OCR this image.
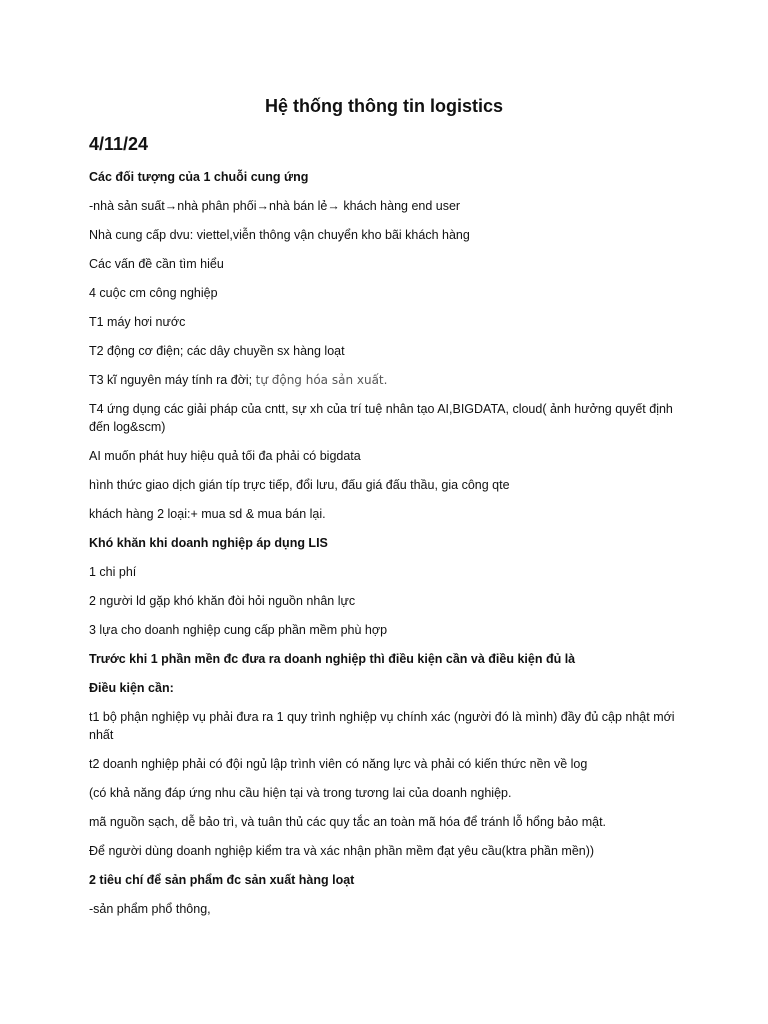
Hệ thống thông tin logistics
4/11/24
Các đối tượng của 1 chuỗi cung ứng
-nhà sản suất→nhà phân phối→nhà bán lẻ→ khách hàng end user
Nhà cung cấp dvu: viettel,viễn thông vận chuyển kho bãi khách hàng
Các vấn đề cần tìm hiểu
4 cuộc cm công nghiệp
T1 máy hơi nước
T2 động cơ điện; các dây chuyền sx hàng loạt
T3 kĩ nguyên máy tính ra đời; tự động hóa sản xuất.
T4 ứng dụng các giải pháp của cntt, sự xh của trí tuệ nhân tạo AI,BIGDATA, cloud( ảnh hưởng quyết định đến log&scm)
AI muốn phát huy hiệu quả tối đa phải có bigdata
hình thức giao dịch gián típ trực tiếp, đổi lưu, đấu giá đấu thầu, gia công qte
khách hàng 2 loại:+ mua sd & mua bán lại.
Khó khăn khi doanh nghiệp áp dụng LIS
1 chi phí
2 người ld gặp khó khăn đòi hỏi nguồn nhân lực
3 lựa cho doanh nghiệp cung cấp phần mềm phù hợp
Trước khi 1 phần mền đc đưa ra doanh nghiệp thì điều kiện cần và điều kiện đủ là
Điều kiện cần:
t1 bộ phận nghiệp vụ phải đưa ra 1 quy trình nghiệp vụ chính xác (người đó là mình) đầy đủ cập nhật mới nhất
t2 doanh nghiệp phải có đội ngủ lập trình viên có năng lực và phải có kiến thức nền về log
(có khả năng đáp ứng nhu cầu hiện tại và trong tương lai của doanh nghiệp.
mã nguồn sạch, dễ bảo trì, và tuân thủ các quy tắc an toàn mã hóa để tránh lỗ hổng bảo mật.
Để người dùng doanh nghiệp kiểm tra và xác nhận phần mềm đạt yêu cầu(ktra phần mền))
2 tiêu chí để sản phẩm đc sản xuất hàng loạt
-sản phẩm phổ thông,
